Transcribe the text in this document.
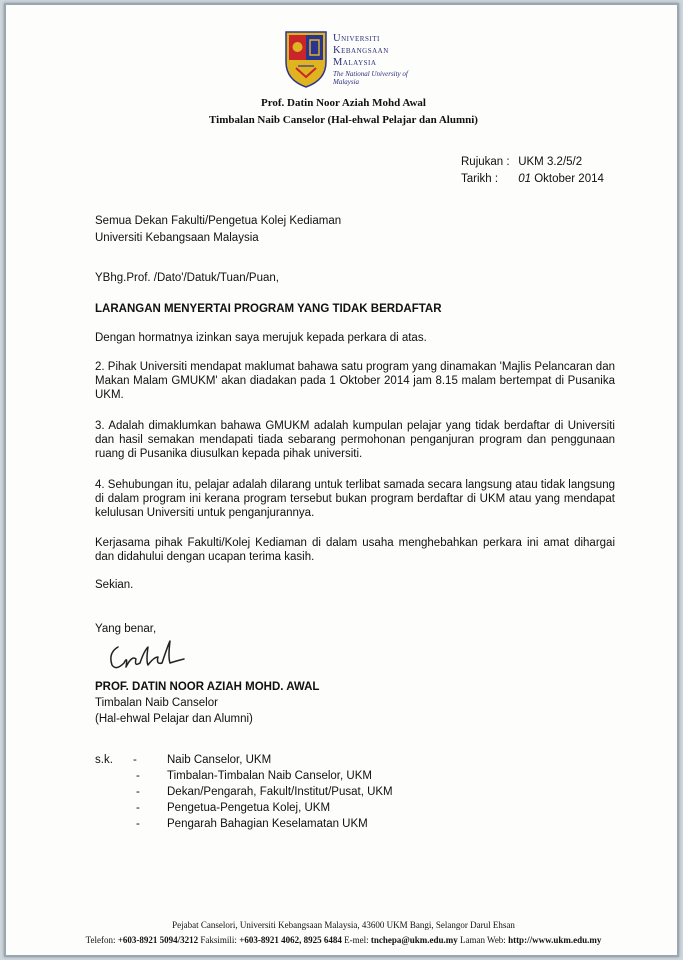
Universiti
Kebangsaan
Malaysia
The National University of Malaysia
Prof. Datin Noor Aziah Mohd Awal
Timbalan Naib Canselor (Hal-ehwal Pelajar dan Alumni)
Rujukan : UKM 3.2/5/2
Tarikh : 01 Oktober 2014
Semua Dekan Fakulti/Pengetua Kolej Kediaman
Universiti Kebangsaan Malaysia
YBhg.Prof. /Dato'/Datuk/Tuan/Puan,
LARANGAN MENYERTAI PROGRAM YANG TIDAK BERDAFTAR
Dengan hormatnya izinkan saya merujuk kepada perkara di atas.
2. Pihak Universiti mendapat maklumat bahawa satu program yang dinamakan 'Majlis Pelancaran dan Makan Malam GMUKM' akan diadakan pada 1 Oktober 2014 jam 8.15 malam bertempat di Pusanika UKM.
3. Adalah dimaklumkan bahawa GMUKM adalah kumpulan pelajar yang tidak berdaftar di Universiti dan hasil semakan mendapati tiada sebarang permohonan penganjuran program dan penggunaan ruang di Pusanika diusulkan kepada pihak universiti.
4. Sehubungan itu, pelajar adalah dilarang untuk terlibat samada secara langsung atau tidak langsung di dalam program ini kerana program tersebut bukan program berdaftar di UKM atau yang mendapat kelulusan Universiti untuk penganjurannya.
Kerjasama pihak Fakulti/Kolej Kediaman di dalam usaha menghebahkan perkara ini amat dihargai dan didahului dengan ucapan terima kasih.
Sekian.
Yang benar,
PROF. DATIN NOOR AZIAH MOHD. AWAL
Timbalan Naib Canselor
(Hal-ehwal Pelajar dan Alumni)
s.k. -
-
-
-
-
Naib Canselor, UKM
Timbalan-Timbalan Naib Canselor, UKM
Dekan/Pengarah, Fakult/Institut/Pusat, UKM
Pengetua-Pengetua Kolej, UKM
Pengarah Bahagian Keselamatan UKM
Pejabat Canselori, Universiti Kebangsaan Malaysia, 43600 UKM Bangi, Selangor Darul Ehsan
Telefon: +603-8921 5094/3212 Faksimili: +603-8921 4062, 8925 6484 E-mel: tnchepa@ukm.edu.my Laman Web: http://www.ukm.edu.my
